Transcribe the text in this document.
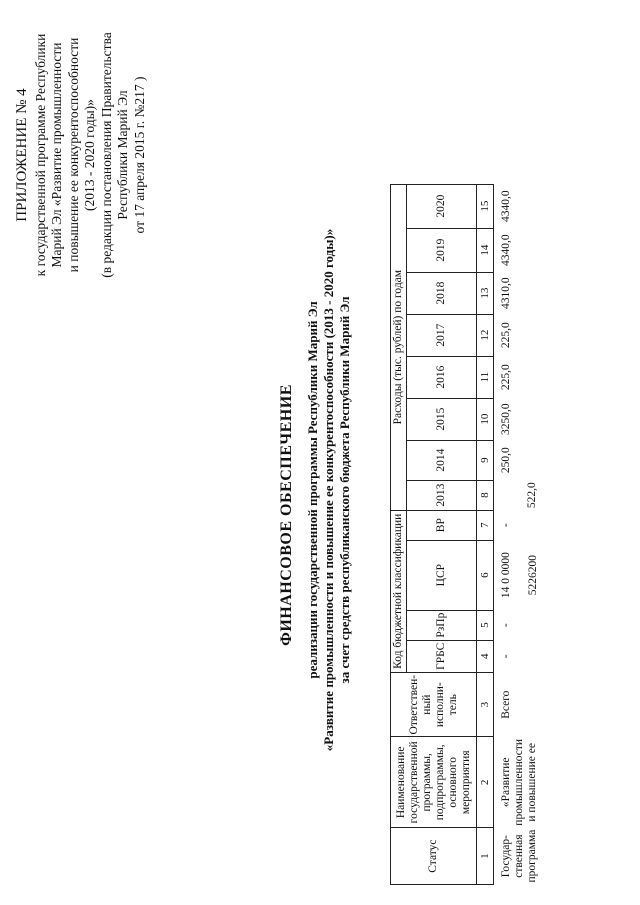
ПРИЛОЖЕНИЕ № 4 к государственной программе Республики Марий Эл «Развитие промышленности и повышение ее конкурентоспособности (2013 - 2020 годы)» (в редакции постановления Правительства Республики Марий Эл от 17 апреля 2015 г. №217 )
ФИНАНСОВОЕ ОБЕСПЕЧЕНИЕ реализации государственной программы Республики Марий Эл «Развитие промышленности и повышение ее конкурентоспособности (2013 - 2020 годы)» за счет средств республиканского бюджета Республики Марий Эл
Статус	Наименование государственной программы, подпрограммы, основного мероприятия	Ответствен-ный исполни-тель	Код бюджетной классификации				Расходы (тыс. рублей) по годам							
			ГРБС	РзПр	ЦСР	ВР	2013	2014	2015	2016	2017	2018	2019	2020
1	2	3	4	5	6	7	8	9	10	11	12	13	14	15
Государ-ственная программа	«Развитие промышленности и повышение ее	Всего	-	-	14 0 0000 5226200	-	522,0	250,0	3250,0	225,0	225,0	4310,0	4340,0	4340,0
